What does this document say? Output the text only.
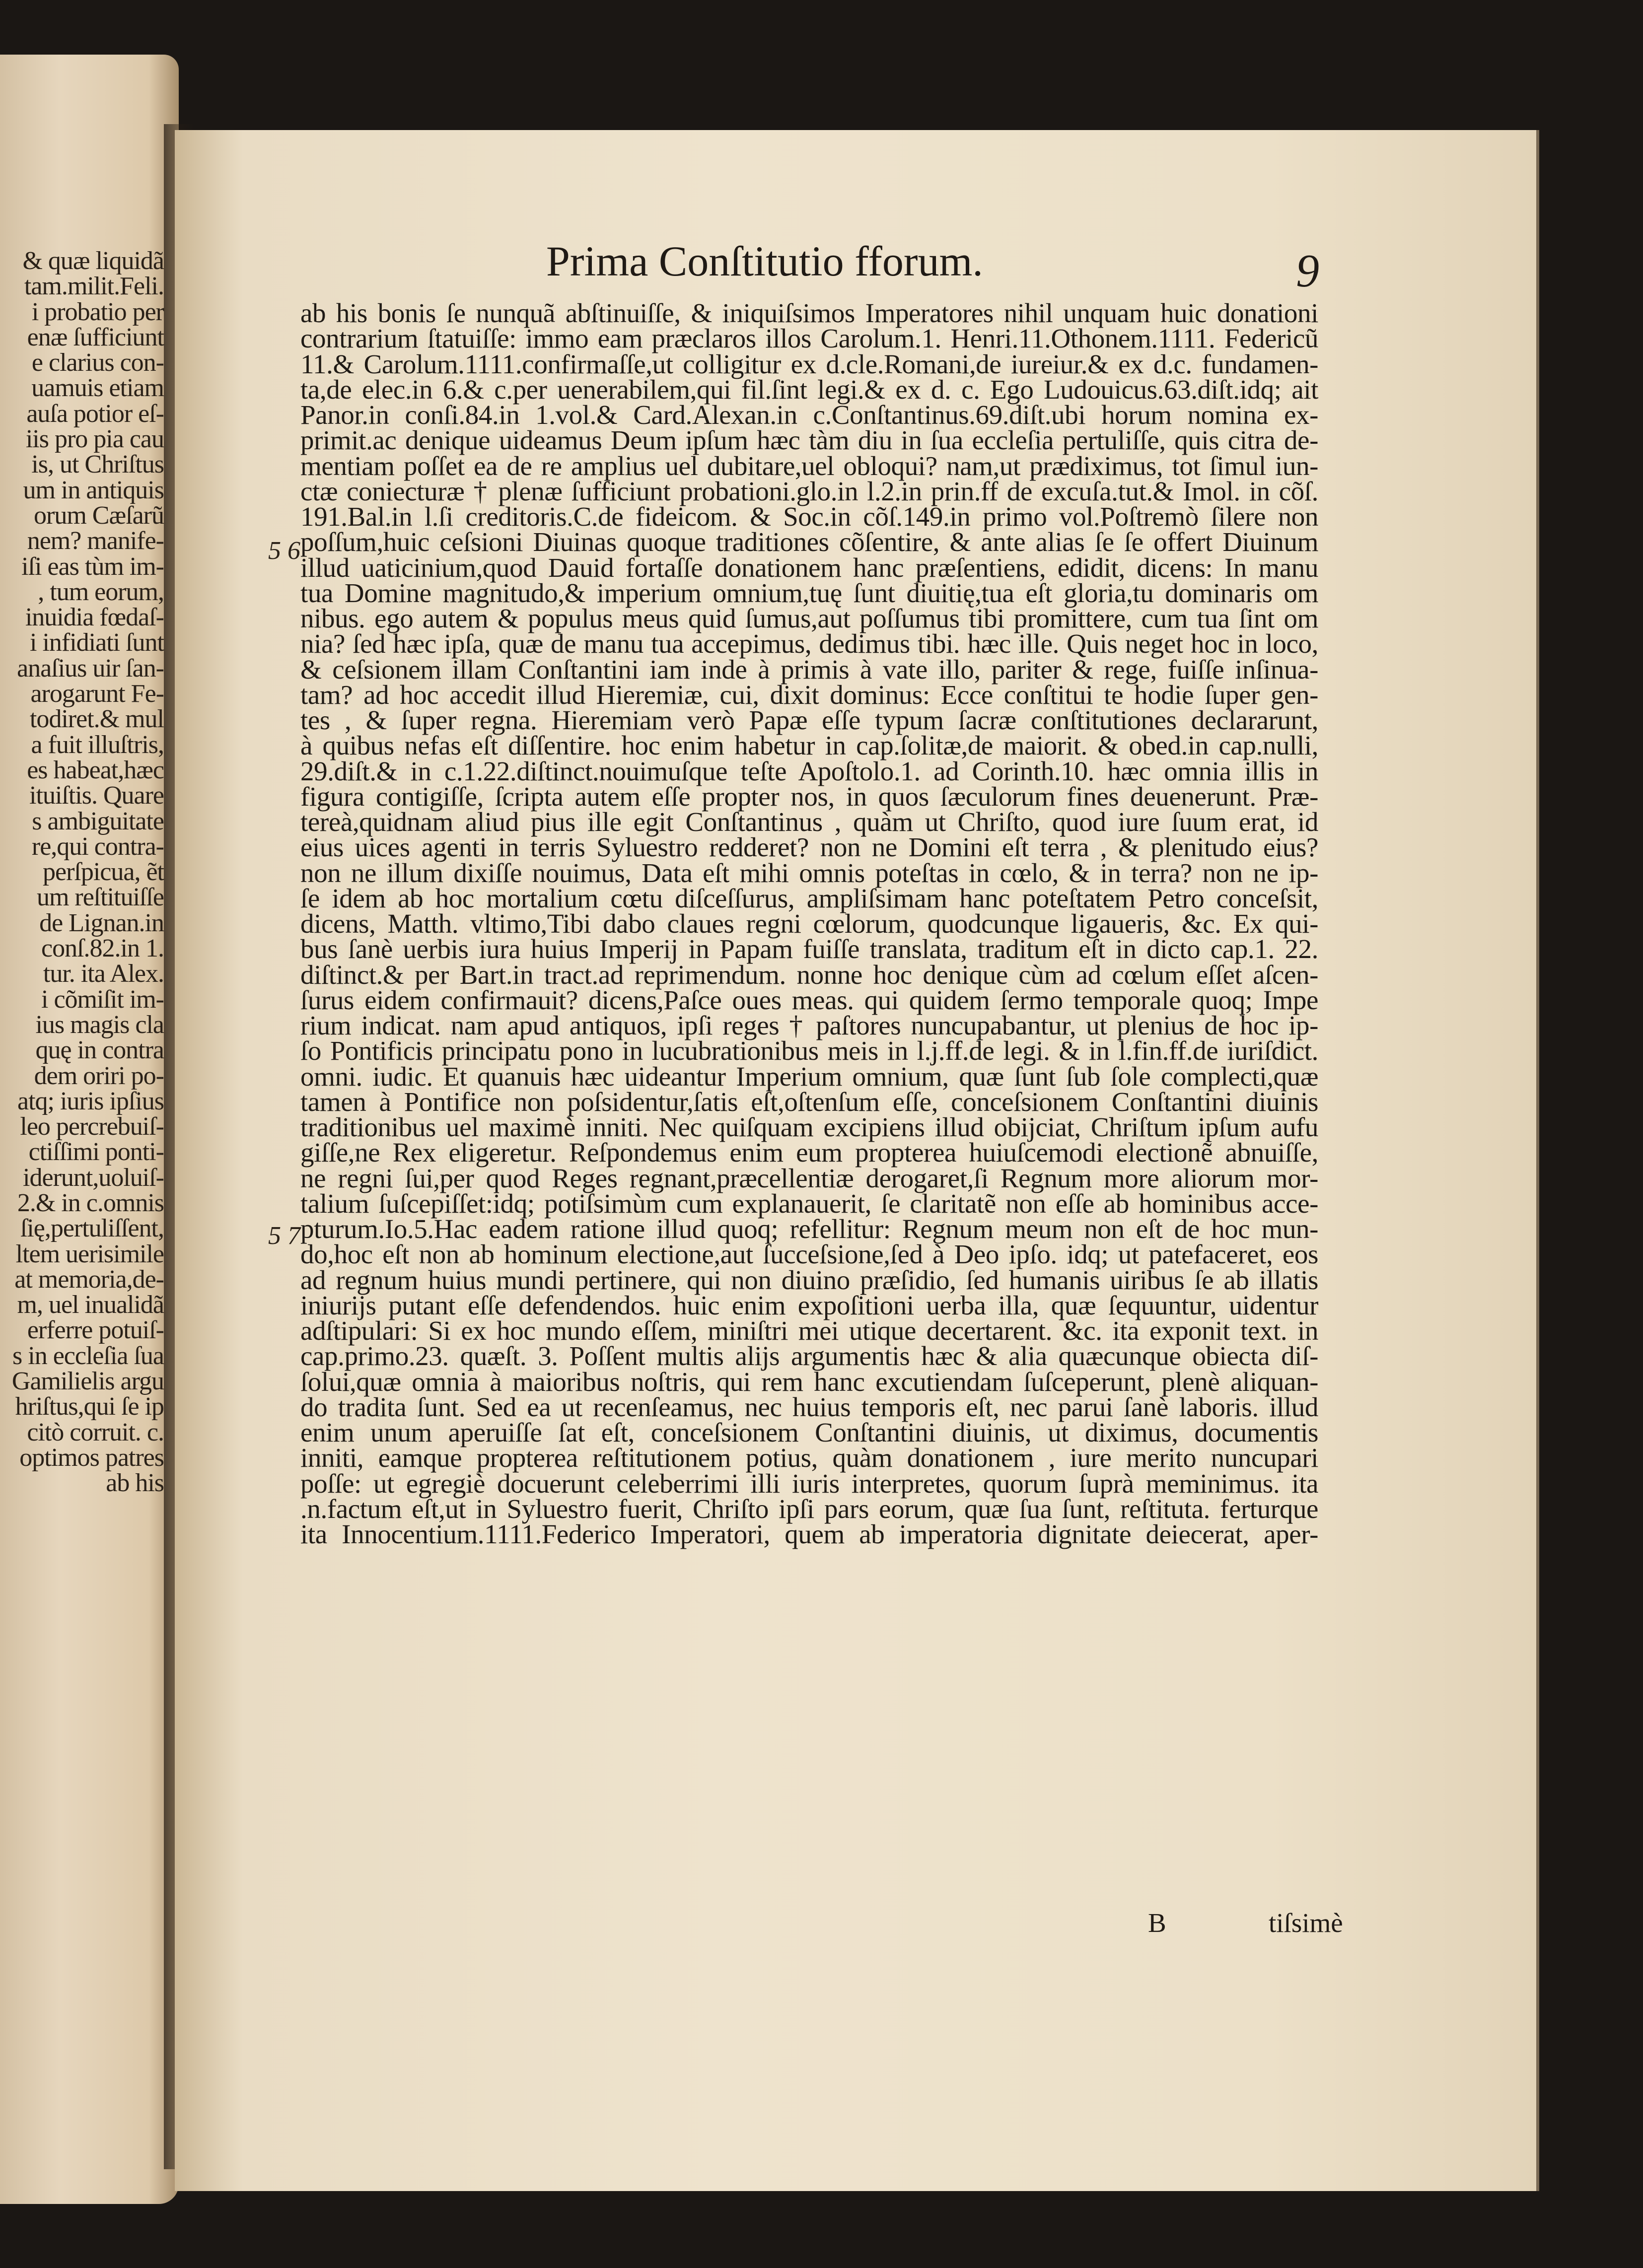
& quæ liquidã
tam.milit.Feli.
i probatio per
enæ ſufficiunt
e clarius con-
uamuis etiam
auſa potior eſ-
iis pro pia cau
is, ut Chriſtus
um in antiquis
orum Cæſarũ
nem? manife-
iſi eas tùm im-
, tum eorum,
inuidia fœdaſ-
i infidiati ſunt
anaſius uir ſan-
arogarunt Fe-
todiret.& mul
a fuit illuſtris,
es habeat,hæc
ituiſtis. Quare
s ambiguitate
re,qui contra-
perſpicua, ẽt
um reſtituiſſe
de Lignan.in
conſ.82.in 1.
tur. ita Alex.
i cõmiſit im-
ius magis cla
quę in contra
dem oriri po-
atq; iuris ipſius
leo percrebuiſ-
ctiſſimi ponti-
iderunt,uoluiſ-
2.& in c.omnis
ſię,pertuliſſent,
ltem uerisimile
at memoria,de-
m, uel inualidã
erferre potuiſ-
s in eccleſia ſua
Gamilielis argu
hriſtus,qui ſe ip
citò corruit. c.
optimos patres
ab his
Prima Conſtitutio fforum.	9
5 6
5 7
ab his bonis ſe nunquã abſtinuiſſe, & iniquiſsimos Imperatores nihil unquam huic donationi
contrarium ſtatuiſſe: immo eam præclaros illos Carolum.1. Henri.11.Othonem.1111. Federicũ
11.& Carolum.1111.confirmaſſe,ut colligitur ex d.cle.Romani,de iureiur.& ex d.c. fundamen-
ta,de elec.in 6.& c.per uenerabilem,qui fil.ſint legi.& ex d. c. Ego Ludouicus.63.diſt.idq; ait
Panor.in conſi.84.in 1.vol.& Card.Alexan.in c.Conſtantinus.69.diſt.ubi horum nomina ex-
primit.ac denique uideamus Deum ipſum hæc tàm diu in ſua eccleſia pertuliſſe, quis citra de-
mentiam poſſet ea de re amplius uel dubitare,uel obloqui? nam,ut prædiximus, tot ſimul iun-
ctæ coniecturæ † plenæ ſufficiunt probationi.glo.in l.2.in prin.ff de excuſa.tut.& Imol. in cõſ.
191.Bal.in l.ſi creditoris.C.de fideicom. & Soc.in cõſ.149.in primo vol.Poſtremò ſilere non
poſſum,huic ceſsioni Diuinas quoque traditiones cõſentire, & ante alias ſe ſe offert Diuinum
illud uaticinium,quod Dauid fortaſſe donationem hanc præſentiens, edidit, dicens: In manu
tua Domine magnitudo,& imperium omnium,tuę ſunt diuitię,tua eſt gloria,tu dominaris om
nibus. ego autem & populus meus quid ſumus,aut poſſumus tibi promittere, cum tua ſint om
nia? ſed hæc ipſa, quæ de manu tua accepimus, dedimus tibi. hæc ille. Quis neget hoc in loco,
& ceſsionem illam Conſtantini iam inde à primis à vate illo, pariter & rege, fuiſſe inſinua-
tam? ad hoc accedit illud Hieremiæ, cui, dixit dominus: Ecce conſtitui te hodie ſuper gen-
tes , & ſuper regna. Hieremiam verò Papæ eſſe typum ſacræ conſtitutiones declararunt,
à quibus nefas eſt diſſentire. hoc enim habetur in cap.ſolitæ,de maiorit. & obed.in cap.nulli,
29.diſt.& in c.1.22.diſtinct.nouimuſque teſte Apoſtolo.1. ad Corinth.10. hæc omnia illis in
figura contigiſſe, ſcripta autem eſſe propter nos, in quos ſæculorum fines deuenerunt. Præ-
tereà,quidnam aliud pius ille egit Conſtantinus , quàm ut Chriſto, quod iure ſuum erat, id
eius uices agenti in terris Syluestro redderet? non ne Domini eſt terra , & plenitudo eius?
non ne illum dixiſſe nouimus, Data eſt mihi omnis poteſtas in cœlo, & in terra? non ne ip-
ſe idem ab hoc mortalium cœtu diſceſſurus, ampliſsimam hanc poteſtatem Petro conceſsit,
dicens, Matth. vltimo,Tibi dabo claues regni cœlorum, quodcunque ligaueris, &c. Ex qui-
bus ſanè uerbis iura huius Imperij in Papam fuiſſe translata, traditum eſt in dicto cap.1. 22.
diſtinct.& per Bart.in tract.ad reprimendum. nonne hoc denique cùm ad cœlum eſſet aſcen-
ſurus eidem confirmauit? dicens,Paſce oues meas. qui quidem ſermo temporale quoq; Impe
rium indicat. nam apud antiquos, ipſi reges † paſtores nuncupabantur, ut plenius de hoc ip-
ſo Pontificis principatu pono in lucubrationibus meis in l.j.ff.de legi. & in l.fin.ff.de iuriſdict.
omni. iudic. Et quanuis hæc uideantur Imperium omnium, quæ ſunt ſub ſole complecti,quæ
tamen à Pontifice non poſsidentur,ſatis eſt,oſtenſum eſſe, conceſsionem Conſtantini diuinis
traditionibus uel maximè inniti. Nec quiſquam excipiens illud obijciat, Chriſtum ipſum aufu
giſſe,ne Rex eligeretur. Reſpondemus enim eum propterea huiuſcemodi electionẽ abnuiſſe,
ne regni ſui,per quod Reges regnant,præcellentiæ derogaret,ſi Regnum more aliorum mor-
talium ſuſcepiſſet:idq; potiſsimùm cum explanauerit, ſe claritatẽ non eſſe ab hominibus acce-
pturum.Io.5.Hac eadem ratione illud quoq; refellitur: Regnum meum non eſt de hoc mun-
do,hoc eſt non ab hominum electione,aut ſucceſsione,ſed à Deo ipſo. idq; ut patefaceret, eos
ad regnum huius mundi pertinere, qui non diuino præſidio, ſed humanis uiribus ſe ab illatis
iniurijs putant eſſe defendendos. huic enim expoſitioni uerba illa, quæ ſequuntur, uidentur
adſtipulari: Si ex hoc mundo eſſem, miniſtri mei utique decertarent. &c. ita exponit text. in
cap.primo.23. quæſt. 3. Poſſent multis alijs argumentis hæc & alia quæcunque obiecta diſ-
ſolui,quæ omnia à maioribus noſtris, qui rem hanc excutiendam ſuſceperunt, plenè aliquan-
do tradita ſunt. Sed ea ut recenſeamus, nec huius temporis eſt, nec parui ſanè laboris. illud
enim unum aperuiſſe ſat eſt, conceſsionem Conſtantini diuinis, ut diximus, documentis
inniti, eamque propterea reſtitutionem potius, quàm donationem , iure merito nuncupari
poſſe: ut egregiè docuerunt celeberrimi illi iuris interpretes, quorum ſuprà meminimus. ita
.n.factum eſt,ut in Syluestro fuerit, Chriſto ipſi pars eorum, quæ ſua ſunt, reſtituta. ferturque
ita Innocentium.1111.Federico Imperatori, quem ab imperatoria dignitate deiecerat, aper-
B	tiſsimè
